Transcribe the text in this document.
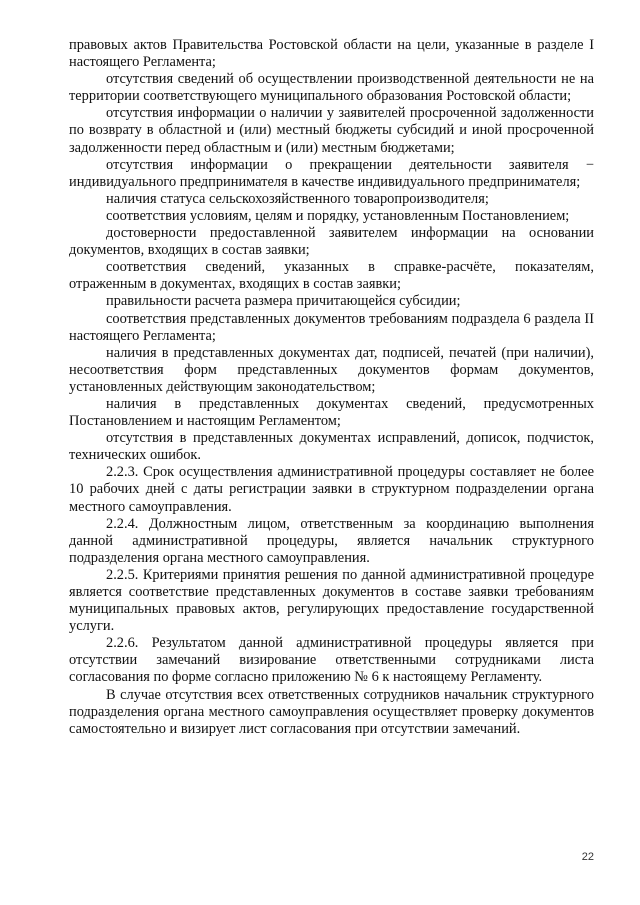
правовых актов Правительства Ростовской области на цели, указанные в разделе I настоящего Регламента;

отсутствия сведений об осуществлении производственной деятельности не на территории соответствующего муниципального образования Ростовской области;

отсутствия информации о наличии у заявителей просроченной задолженности по возврату в областной и (или) местный бюджеты субсидий и иной просроченной задолженности перед областным и (или) местным бюджетами;

отсутствия информации о прекращении деятельности заявителя − индивидуального предпринимателя в качестве индивидуального предпринимателя;

наличия статуса сельскохозяйственного товаропроизводителя;

соответствия условиям, целям и порядку, установленным Постановлением;

достоверности предоставленной заявителем информации на основании документов, входящих в состав заявки;

соответствия сведений, указанных в справке-расчёте, показателям, отраженным в документах, входящих в состав заявки;

правильности расчета размера причитающейся субсидии;

соответствия представленных документов требованиям подраздела 6 раздела II настоящего Регламента;

наличия в представленных документах дат, подписей, печатей (при наличии), несоответствия форм представленных документов формам документов, установленных действующим законодательством;

наличия в представленных документах сведений, предусмотренных Постановлением и настоящим Регламентом;

отсутствия в представленных документах исправлений, дописок, подчисток, технических ошибок.

2.2.3. Срок осуществления административной процедуры составляет не более 10 рабочих дней с даты регистрации заявки в структурном подразделении органа местного самоуправления.

2.2.4. Должностным лицом, ответственным за координацию выполнения данной административной процедуры, является начальник структурного подразделения органа местного самоуправления.

2.2.5. Критериями принятия решения по данной административной процедуре является соответствие представленных документов в составе заявки требованиям муниципальных правовых актов, регулирующих предоставление государственной услуги.

2.2.6. Результатом данной административной процедуры является при отсутствии замечаний визирование ответственными сотрудниками листа согласования по форме согласно приложению № 6 к настоящему Регламенту.

В случае отсутствия всех ответственных сотрудников начальник структурного подразделения органа местного самоуправления осуществляет проверку документов самостоятельно и визирует лист согласования при отсутствии замечаний.

22
